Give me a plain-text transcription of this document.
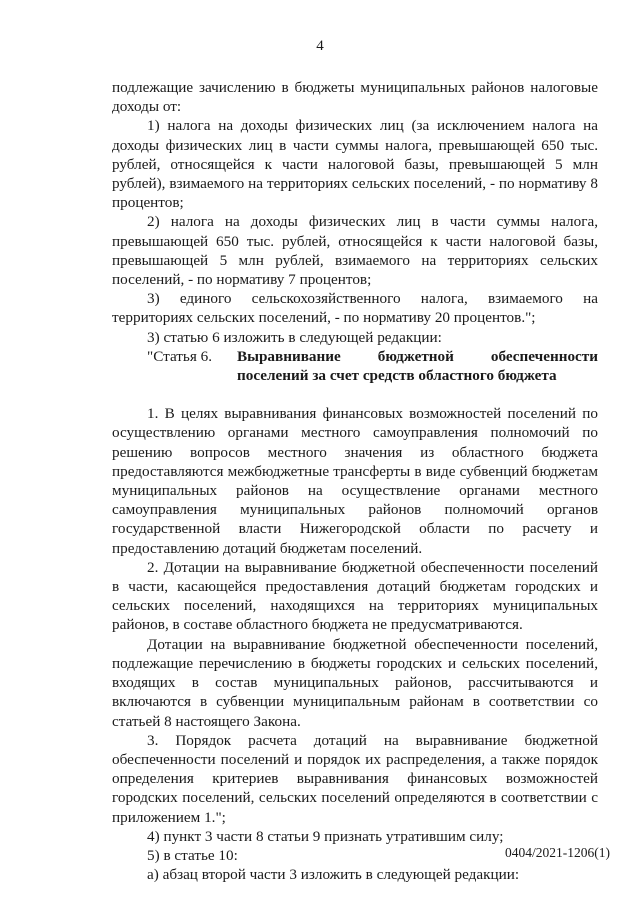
4

подлежащие зачислению в бюджеты муниципальных районов налоговые доходы от:

1) налога на доходы физических лиц (за исключением налога на доходы физических лиц в части суммы налога, превышающей 650 тыс. рублей, относящейся к части налоговой базы, превышающей 5 млн рублей), взимаемого на территориях сельских поселений, - по нормативу 8 процентов;

2) налога на доходы физических лиц в части суммы налога, превышающей 650 тыс. рублей, относящейся к части налоговой базы, превышающей 5 млн рублей, взимаемого на территориях сельских поселений, - по нормативу 7 процентов;

3) единого сельскохозяйственного налога, взимаемого на территориях сельских поселений, - по нормативу 20 процентов.";

3) статью 6 изложить в следующей редакции:

"Статья 6.	Выравнивание бюджетной обеспеченности поселений за счет средств областного бюджета

1. В целях выравнивания финансовых возможностей поселений по осуществлению органами местного самоуправления полномочий по решению вопросов местного значения из областного бюджета предоставляются межбюджетные трансферты в виде субвенций бюджетам муниципальных районов на осуществление органами местного самоуправления муниципальных районов полномочий органов государственной власти Нижегородской области по расчету и предоставлению дотаций бюджетам поселений.

2. Дотации на выравнивание бюджетной обеспеченности поселений в части, касающейся предоставления дотаций бюджетам городских и сельских поселений, находящихся на территориях муниципальных районов, в составе областного бюджета не предусматриваются.

Дотации на выравнивание бюджетной обеспеченности поселений, подлежащие перечислению в бюджеты городских и сельских поселений, входящих в состав муниципальных районов, рассчитываются и включаются в субвенции муниципальным районам в соответствии со статьей 8 настоящего Закона.

3. Порядок расчета дотаций на выравнивание бюджетной обеспеченности поселений и порядок их распределения, а также порядок определения критериев выравнивания финансовых возможностей городских поселений, сельских поселений определяются в соответствии с приложением 1.";

4) пункт 3 части 8 статьи 9 признать утратившим силу;

5) в статье 10:

а) абзац второй части 3 изложить в следующей редакции:

0404/2021-1206(1)
